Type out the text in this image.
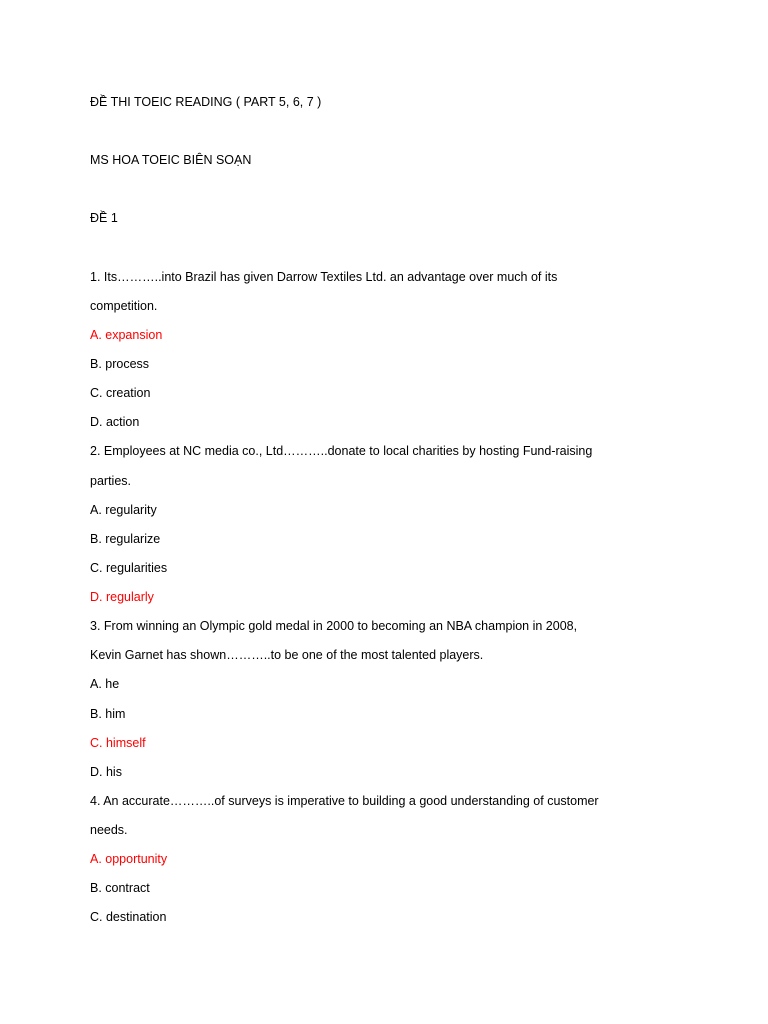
ĐỀ THI TOEIC READING ( PART 5, 6, 7 )
MS HOA TOEIC BIÊN SOẠN
ĐỀ 1
1. Its………..into Brazil has given Darrow Textiles Ltd. an advantage over much of its
competition.
A. expansion
B. process
C. creation
D. action
2. Employees at NC media co., Ltd………..donate to local charities by hosting Fund-raising
parties.
A. regularity
B. regularize
C. regularities
D. regularly
3. From winning an Olympic gold medal in 2000 to becoming an NBA champion in 2008,
Kevin Garnet has shown………..to be one of the most talented players.
A. he
B. him
C. himself
D. his
4. An accurate………..of surveys is imperative to building a good understanding of customer
needs.
A. opportunity
B. contract
C. destination
